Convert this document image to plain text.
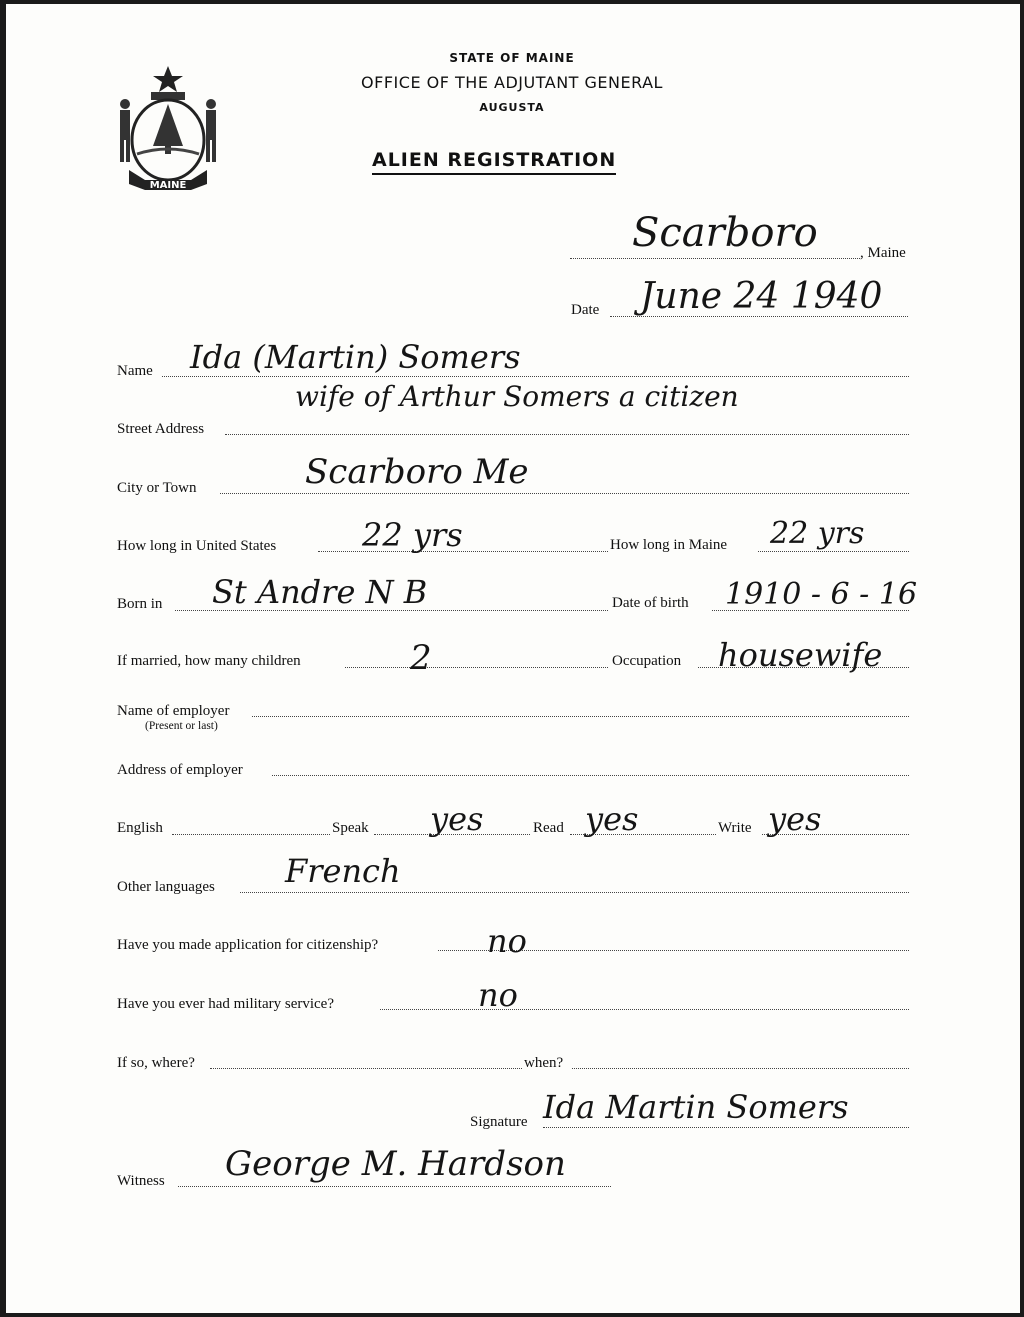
MAINE
STATE OF MAINE
OFFICE OF THE ADJUTANT GENERAL
AUGUSTA
ALIEN REGISTRATION
, Maine
Scarboro
Date June 24 1940
Name Ida (Martin) Somers
wife of Arthur Somers a citizen
Street Address
City or Town	Scarboro Me
How long in United States	22 yrs	How long in Maine 22 yrs
Born in St Andre N B	Date of birth 1910 - 6 - 16
If married, how many children	2	Occupation housewife
Name of employer
(Present or last)
Address of employer
English	Speak yes	Read yes	Write yes
Other languages French
Have you made application for citizenship?	no
Have you ever had military service?	no
If so, where?	when?
Signature Ida Martin Somers
Witness George M. Hardson
